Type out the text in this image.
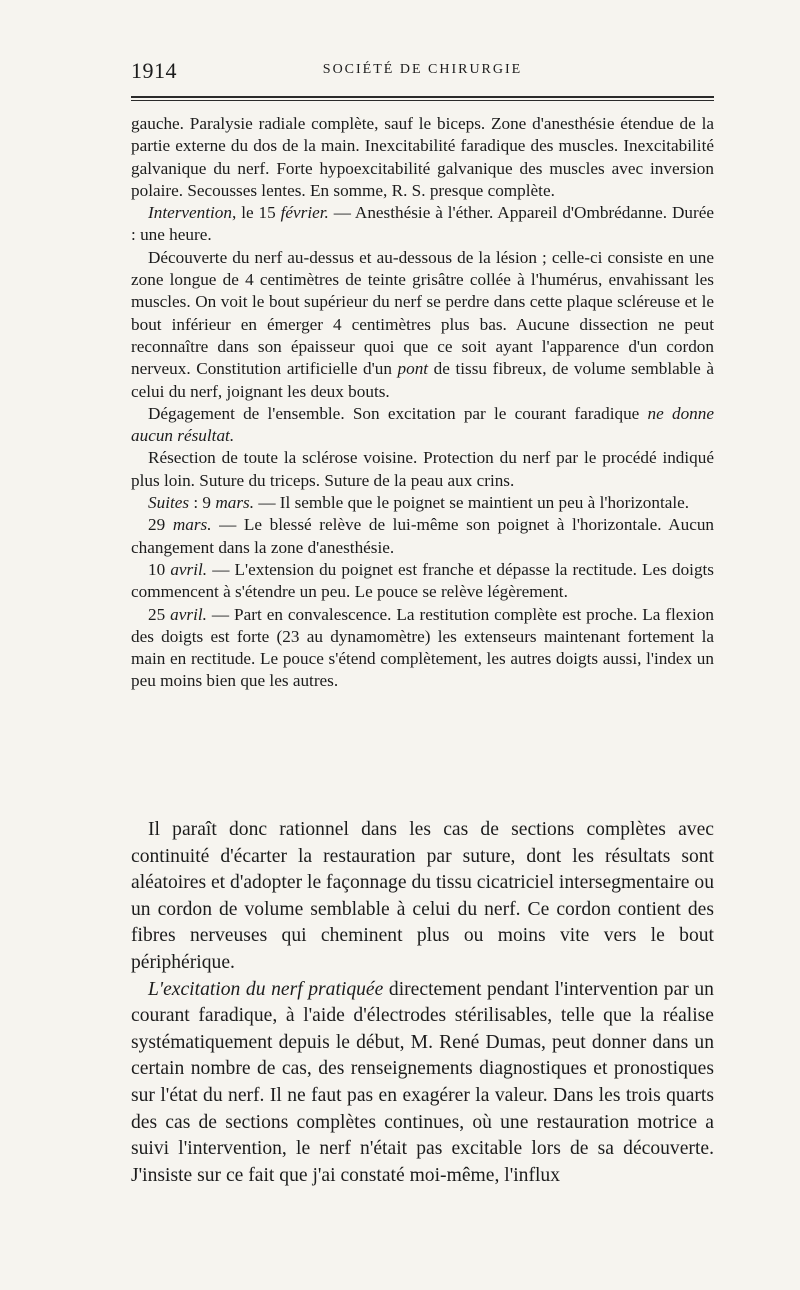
1914	SOCIÉTÉ DE CHIRURGIE

gauche. Paralysie radiale complète, sauf le biceps. Zone d'anesthésie étendue de la partie externe du dos de la main. Inexcitabilité faradique des muscles. Inexcitabilité galvanique du nerf. Forte hypoexcitabilité galvanique des muscles avec inversion polaire. Secousses lentes. En somme, R. S. presque complète.

Intervention, le 15 février. — Anesthésie à l'éther. Appareil d'Ombrédanne. Durée : une heure.

Découverte du nerf au-dessus et au-dessous de la lésion ; celle-ci consiste en une zone longue de 4 centimètres de teinte grisâtre collée à l'humérus, envahissant les muscles. On voit le bout supérieur du nerf se perdre dans cette plaque scléreuse et le bout inférieur en émerger 4 centimètres plus bas. Aucune dissection ne peut reconnaître dans son épaisseur quoi que ce soit ayant l'apparence d'un cordon nerveux. Constitution artificielle d'un pont de tissu fibreux, de volume semblable à celui du nerf, joignant les deux bouts.

Dégagement de l'ensemble. Son excitation par le courant faradique ne donne aucun résultat.

Résection de toute la sclérose voisine. Protection du nerf par le procédé indiqué plus loin. Suture du triceps. Suture de la peau aux crins.

Suites : 9 mars. — Il semble que le poignet se maintient un peu à l'horizontale.

29 mars. — Le blessé relève de lui-même son poignet à l'horizontale. Aucun changement dans la zone d'anesthésie.

10 avril. — L'extension du poignet est franche et dépasse la rectitude. Les doigts commencent à s'étendre un peu. Le pouce se relève légèrement.

25 avril. — Part en convalescence. La restitution complète est proche. La flexion des doigts est forte (23 au dynamomètre) les extenseurs maintenant fortement la main en rectitude. Le pouce s'étend complètement, les autres doigts aussi, l'index un peu moins bien que les autres.

Il paraît donc rationnel dans les cas de sections complètes avec continuité d'écarter la restauration par suture, dont les résultats sont aléatoires et d'adopter le façonnage du tissu cicatriciel intersegmentaire ou un cordon de volume semblable à celui du nerf. Ce cordon contient des fibres nerveuses qui cheminent plus ou moins vite vers le bout périphérique.

L'excitation du nerf pratiquée directement pendant l'intervention par un courant faradique, à l'aide d'électrodes stérilisables, telle que la réalise systématiquement depuis le début, M. René Dumas, peut donner dans un certain nombre de cas, des renseignements diagnostiques et pronostiques sur l'état du nerf. Il ne faut pas en exagérer la valeur. Dans les trois quarts des cas de sections complètes continues, où une restauration motrice a suivi l'intervention, le nerf n'était pas excitable lors de sa découverte. J'insiste sur ce fait que j'ai constaté moi-même, l'influx
